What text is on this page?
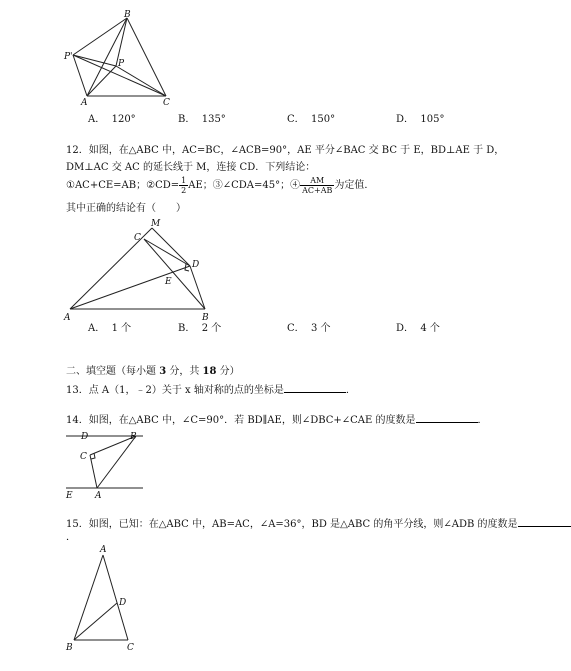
B
P'
P
A	C
A． 120°	B． 135°	C． 150°	D． 105°
12．如图，在△ABC 中，AC=BC，∠ACB=90°，AE 平分∠BAC 交 BC 于 E，BD⊥AE 于 D，
DM⊥AC 交 AC 的延长线于 M，连接 CD．下列结论：
①AC+CE=AB；②CD= $\frac{1}{2}$ AE；③∠CDA=45°；④ $\frac{AM}{AC+AB}$ 为定值．
其中正确的结论有（　　）
M
C
D
E
A	B
A． 1 个	B． 2 个	C． 3 个	D． 4 个
二、填空题（每小题 3 分，共 18 分）
13．点 A（1，﹣2）关于 x 轴对称的点的坐标是	．
14．如图，在△ABC 中，∠C=90°．若 BD∥AE，则∠DBC+∠CAE 的度数是	．
D	B
C
E A
15．如图，已知：在△ABC 中，AB=AC，∠A=36°，BD 是△ABC 的角平分线，则∠ADB 的度数是
．
A
D
B	C
